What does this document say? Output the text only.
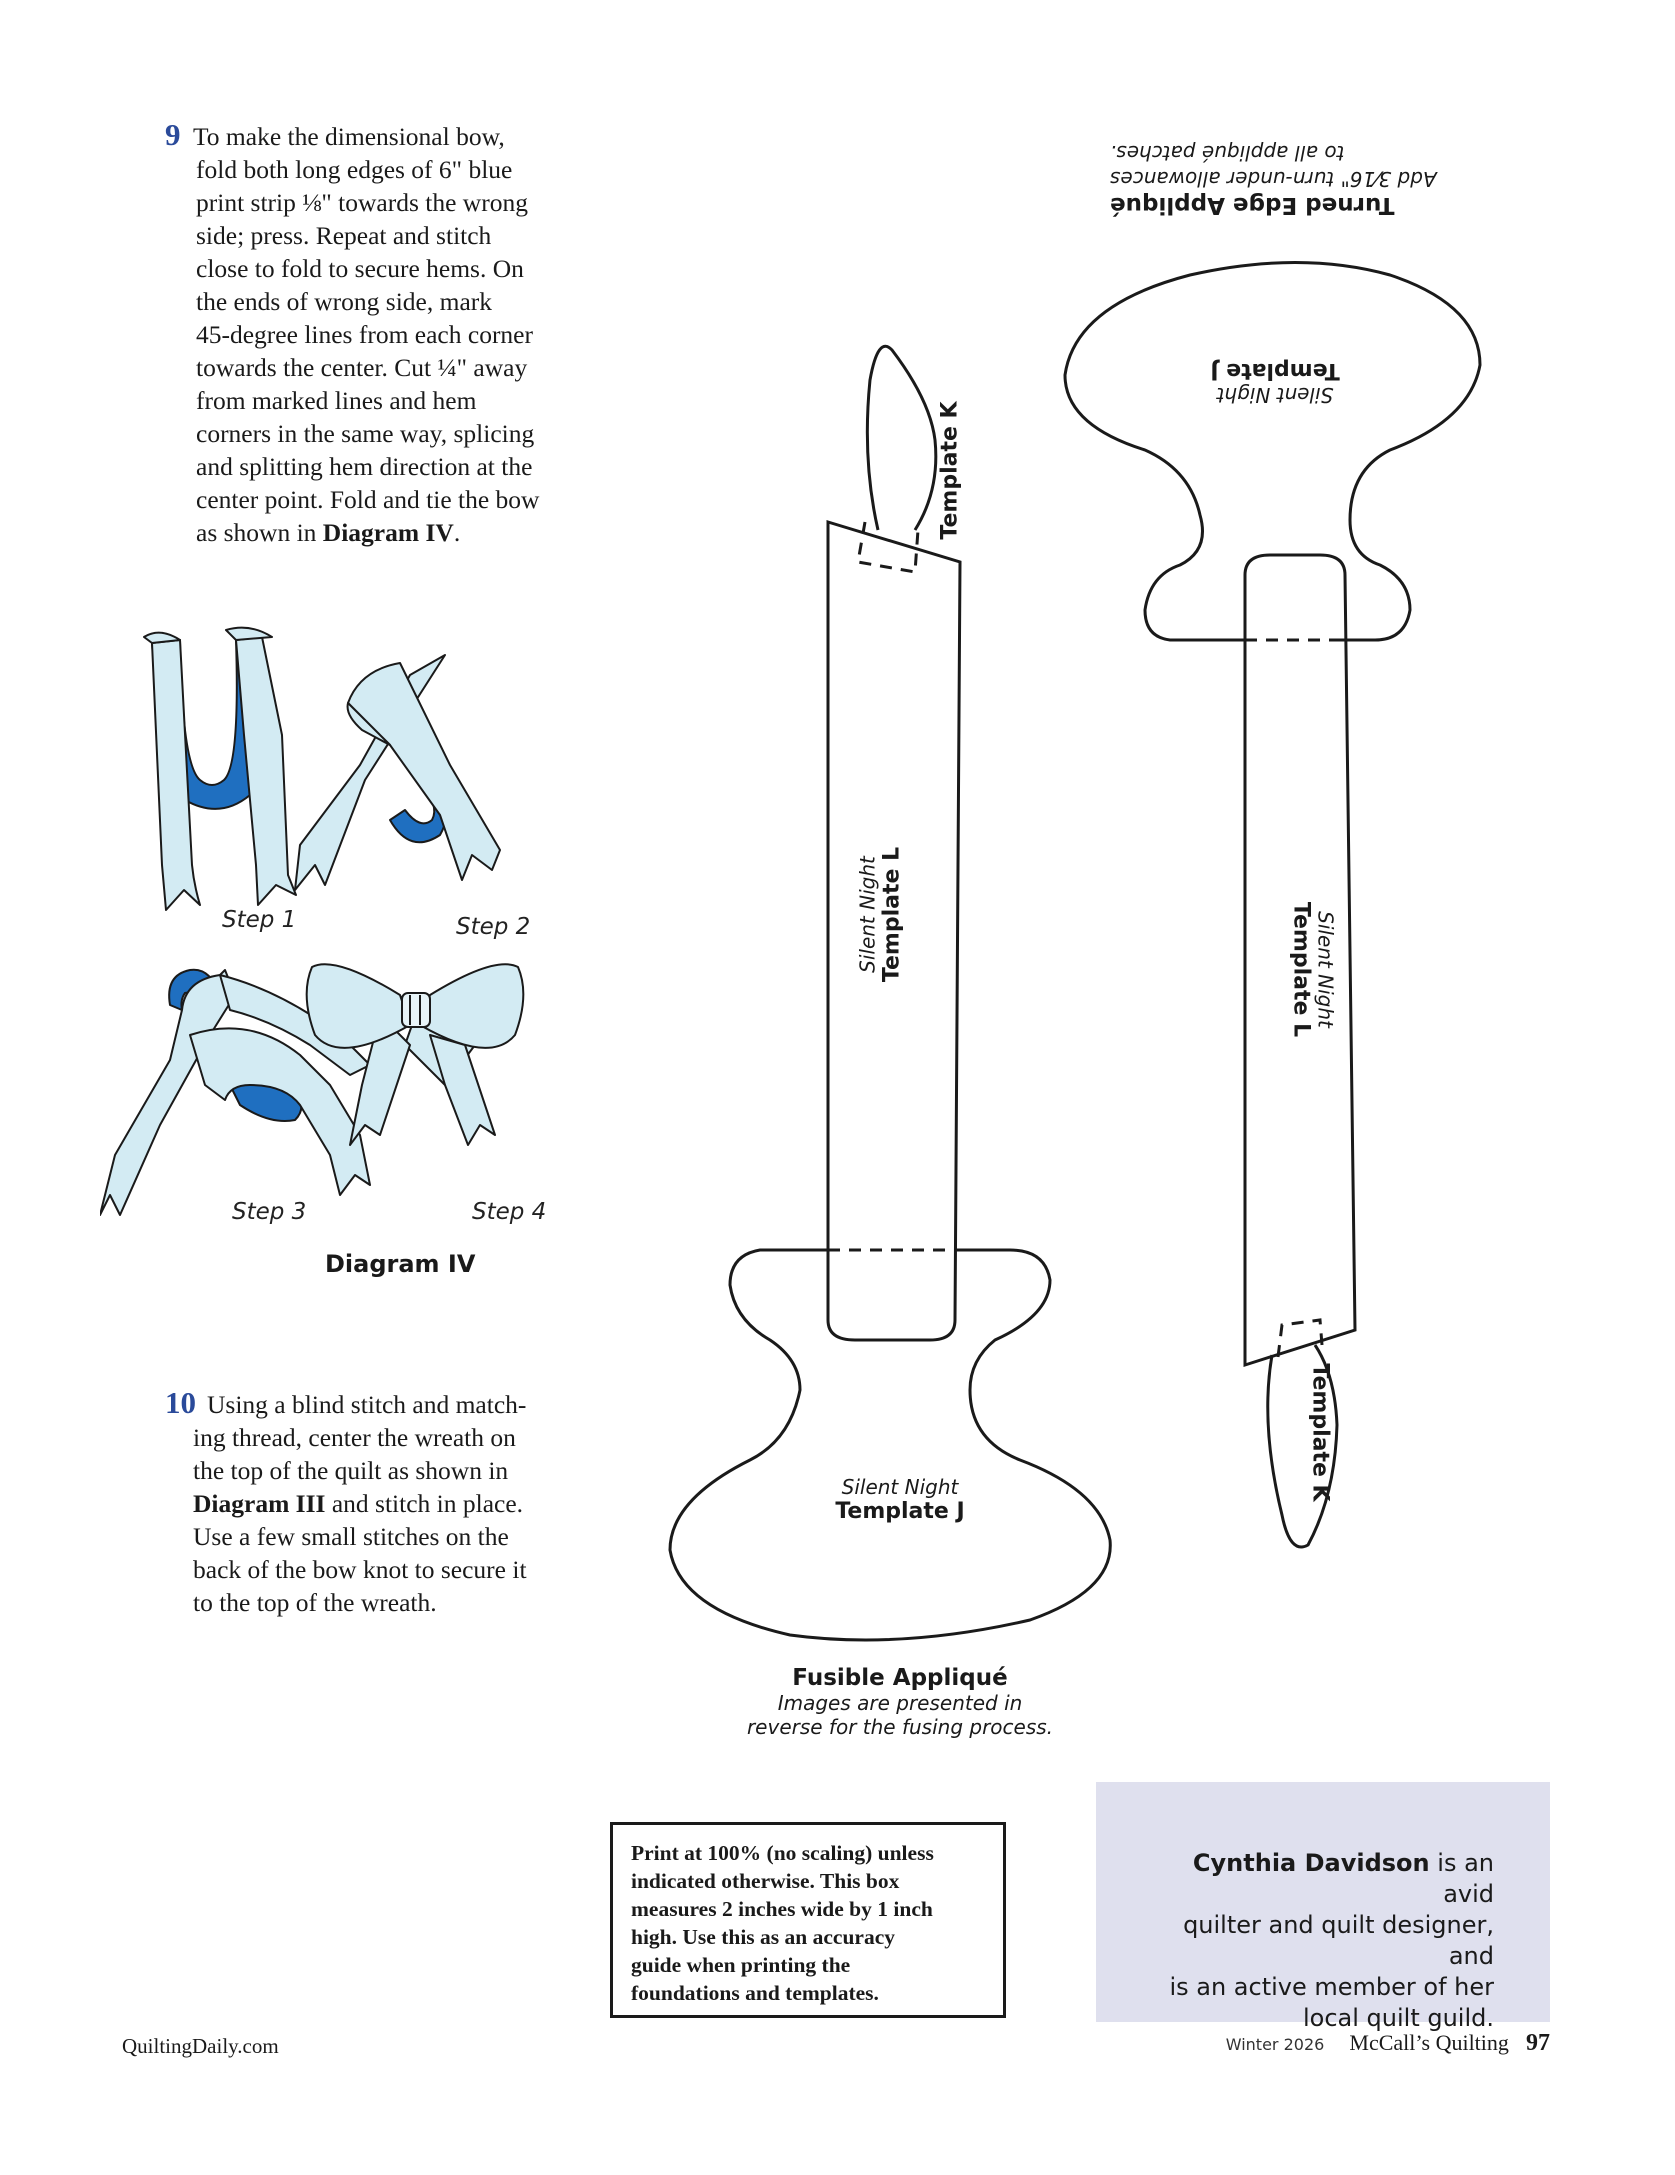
9 To make the dimensional bow,

fold both long edges of 6" blue

print strip ⅛" towards the wrong

side; press. Repeat and stitch

close to fold to secure hems. On

the ends of wrong side, mark

45-degree lines from each corner

towards the center. Cut ¼" away

from marked lines and hem

corners in the same way, splicing

and splitting hem direction at the

center point. Fold and tie the bow

as shown in Diagram IV.

Step 1	Step 2
Step 3	Step 4
Diagram IV
10 Using a blind stitch and match-

ing thread, center the wreath on

the top of the quilt as shown in

Diagram III and stitch in place.

Use a few small stitches on the

back of the bow knot to secure it

to the top of the wreath.

Template K
Silent Night Template L
Silent Night
Template J
Silent Night
Template J
Silent Night
Template L
Template K
Turned Edge Appliqué
Add 3⁄16" turn-under allowances
to all appliqué patches.
Fusible Appliqué
Images are presented in
reverse for the fusing process.
Print at 100% (no scaling) unless
indicated otherwise. This box
measures 2 inches wide by 1 inch
high. Use this as an accuracy
guide when printing the
foundations and templates.
Cynthia Davidson is an avid
quilter and quilt designer, and
is an active member of her
local quilt guild.
QuiltingDaily.com	Winter 2026 McCall’s Quilting 97
